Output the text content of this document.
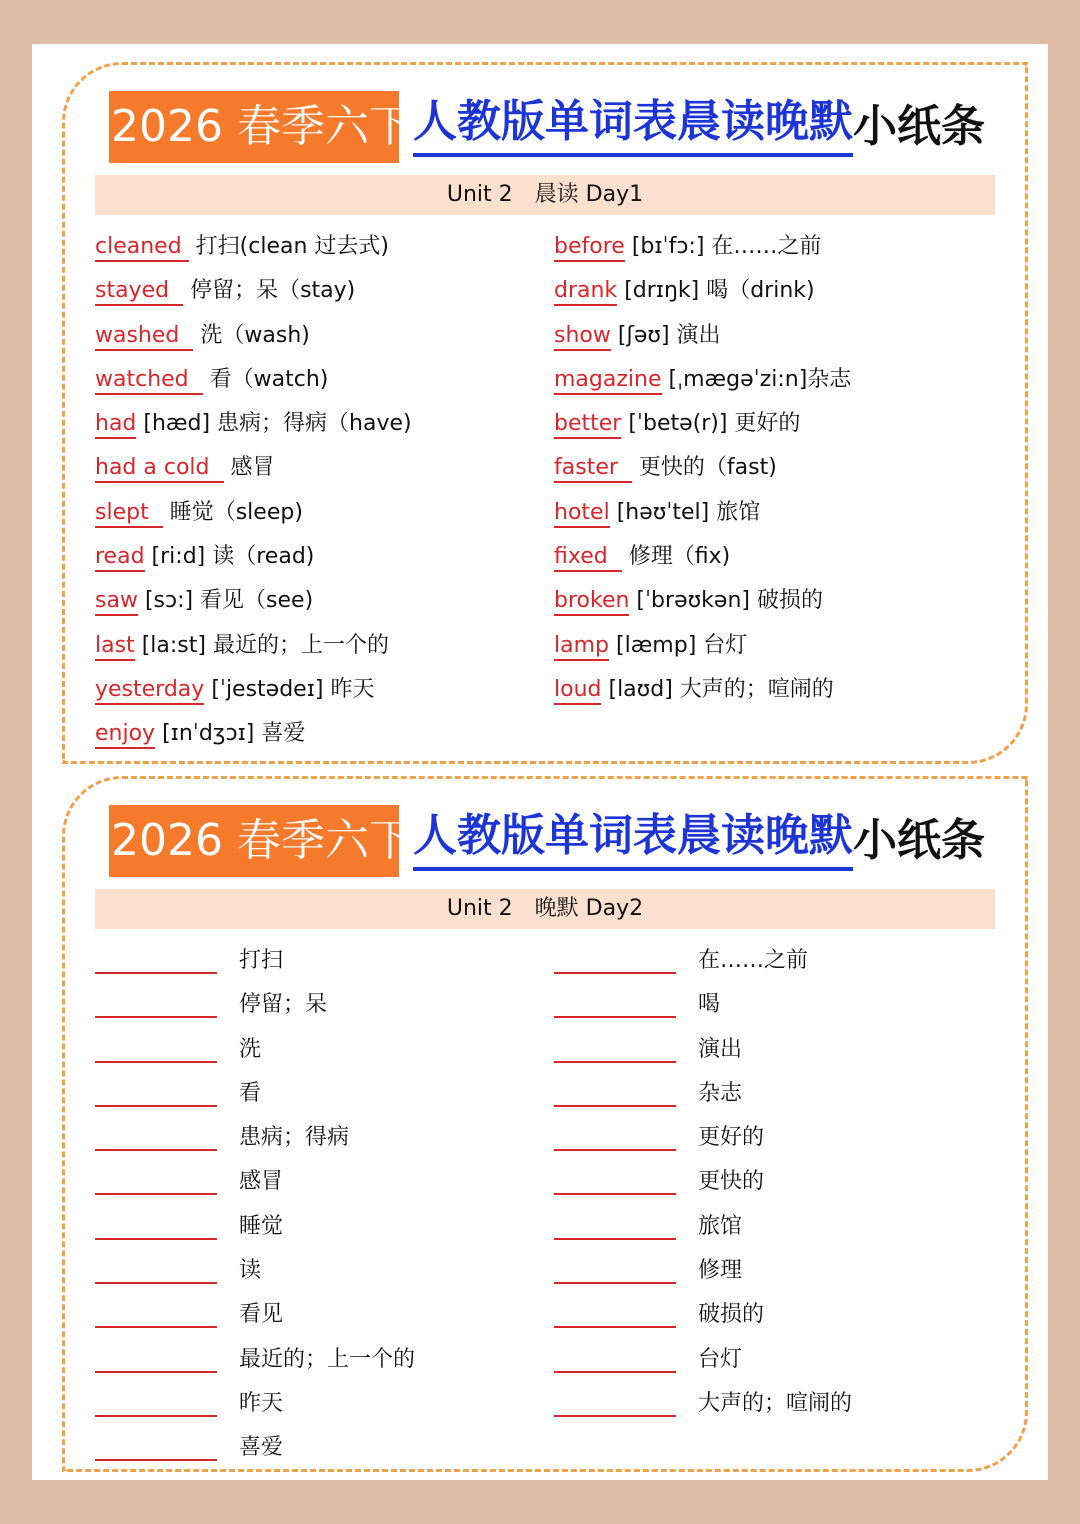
2026 春季六下人教版单词表晨读晚默小纸条
Unit 2　晨读 Day1
cleaned 打扫(clean 过去式)
stayed 停留；呆（stay)
washed 洗（wash)
watched 看（watch)
had [hæd] 患病；得病（have)
had a cold 感冒
slept 睡觉（sleep)
read [ri:d] 读（read)
saw [sɔ:] 看见（see)
last [la:st] 最近的；上一个的
yesterday [ˈjestədeɪ] 昨天
enjoy [ɪnˈdʒɔɪ] 喜爱
before [bɪˈfɔ:] 在……之前
drank [drɪŋk] 喝（drink)
show [ʃəʊ] 演出
magazine [ˌmægəˈzi:n]杂志
better [ˈbetə(r)] 更好的
faster 更快的（fast)
hotel [həʊˈtel] 旅馆
fixed 修理（fix)
broken [ˈbrəʊkən] 破损的
lamp [læmp] 台灯
loud [laʊd] 大声的；喧闹的
2026 春季六下人教版单词表晨读晚默小纸条
Unit 2　晚默 Day2
打扫
停留；呆
洗
看
患病；得病
感冒
睡觉
读
看见
最近的；上一个的
昨天
喜爱
在……之前
喝
演出
杂志
更好的
更快的
旅馆
修理
破损的
台灯
大声的；喧闹的
